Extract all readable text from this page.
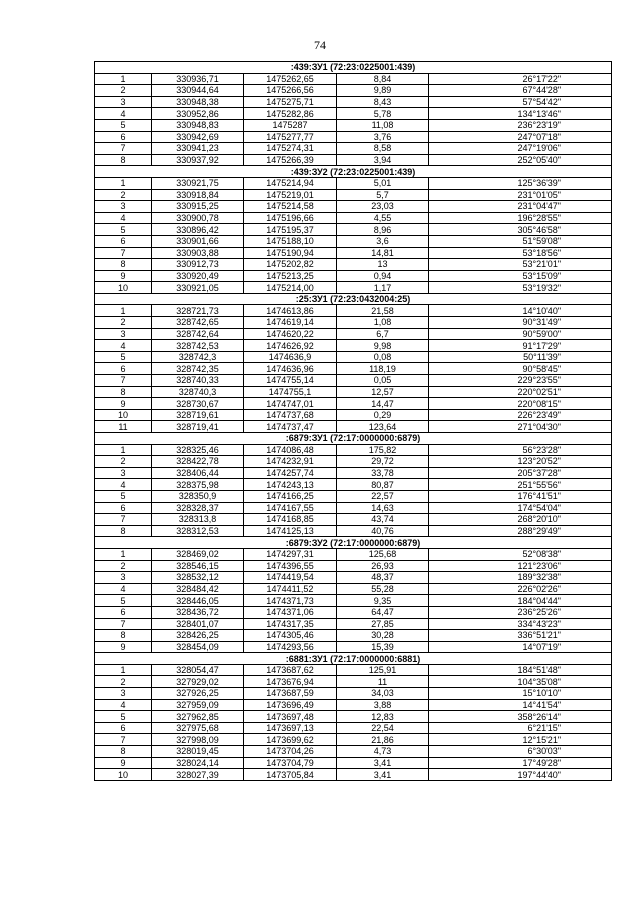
74
:439:ЗУ1 (72:23:0225001:439)				
1	330936,71	1475262,65	8,84	26°17'22"
2	330944,64	1475266,56	9,89	67°44'28"
3	330948,38	1475275,71	8,43	57°54'42"
4	330952,86	1475282,86	5,78	134°13'46"
5	330948,83	1475287	11,08	236°23'19"
6	330942,69	1475277,77	3,76	247°07'18"
7	330941,23	1475274,31	8,58	247°19'06"
8	330937,92	1475266,39	3,94	252°05'40"
:439:ЗУ2 (72:23:0225001:439)				
1	330921,75	1475214,94	5,01	125°36'39"
2	330918,84	1475219,01	5,7	231°01'05"
3	330915,25	1475214,58	23,03	231°04'47"
4	330900,78	1475196,66	4,55	196°28'55"
5	330896,42	1475195,37	8,96	305°46'58"
6	330901,66	1475188,10	3,6	51°59'08"
7	330903,88	1475190,94	14,81	53°18'56"
8	330912,73	1475202,82	13	53°21'01"
9	330920,49	1475213,25	0,94	53°15'09"
10	330921,05	1475214,00	1,17	53°19'32"
:25:ЗУ1 (72:23:0432004:25)				
1	328721,73	1474613,86	21,58	14°10'40"
2	328742,65	1474619,14	1,08	90°31'49"
3	328742,64	1474620,22	6,7	90°59'00"
4	328742,53	1474626,92	9,98	91°17'29"
5	328742,3	1474636,9	0,08	50°11'39"
6	328742,35	1474636,96	118,19	90°58'45"
7	328740,33	1474755,14	0,05	229°23'55"
8	328740,3	1474755,1	12,57	220°02'51"
9	328730,67	1474747,01	14,47	220°08'15"
10	328719,61	1474737,68	0,29	226°23'49"
11	328719,41	1474737,47	123,64	271°04'30"
:6879:ЗУ1 (72:17:0000000:6879)				
1	328325,46	1474086,48	175,82	56°23'28"
2	328422,78	1474232,91	29,72	123°20'52"
3	328406,44	1474257,74	33,78	205°37'28"
4	328375,98	1474243,13	80,87	251°55'56"
5	328350,9	1474166,25	22,57	176°41'51"
6	328328,37	1474167,55	14,63	174°54'04"
7	328313,8	1474168,85	43,74	268°20'10"
8	328312,53	1474125,13	40,76	288°29'49"
:6879:ЗУ2 (72:17:0000000:6879)				
1	328469,02	1474297,31	125,68	52°08'38"
2	328546,15	1474396,55	26,93	121°23'06"
3	328532,12	1474419,54	48,37	189°32'38"
4	328484,42	1474411,52	55,28	226°02'26"
5	328446,05	1474371,73	9,35	184°04'44"
6	328436,72	1474371,06	64,47	236°25'26"
7	328401,07	1474317,35	27,85	334°43'23"
8	328426,25	1474305,46	30,28	336°51'21"
9	328454,09	1474293,56	15,39	14°07'19"
:6881:ЗУ1 (72:17:0000000:6881)				
1	328054,47	1473687,62	125,91	184°51'48"
2	327929,02	1473676,94	11	104°35'08"
3	327926,25	1473687,59	34,03	15°10'10"
4	327959,09	1473696,49	3,88	14°41'54"
5	327962,85	1473697,48	12,83	358°26'14"
6	327975,68	1473697,13	22,54	6°21'15"
7	327998,09	1473699,62	21,86	12°15'21"
8	328019,45	1473704,26	4,73	6°30'03"
9	328024,14	1473704,79	3,41	17°49'28"
10	328027,39	1473705,84	3,41	197°44'40"
